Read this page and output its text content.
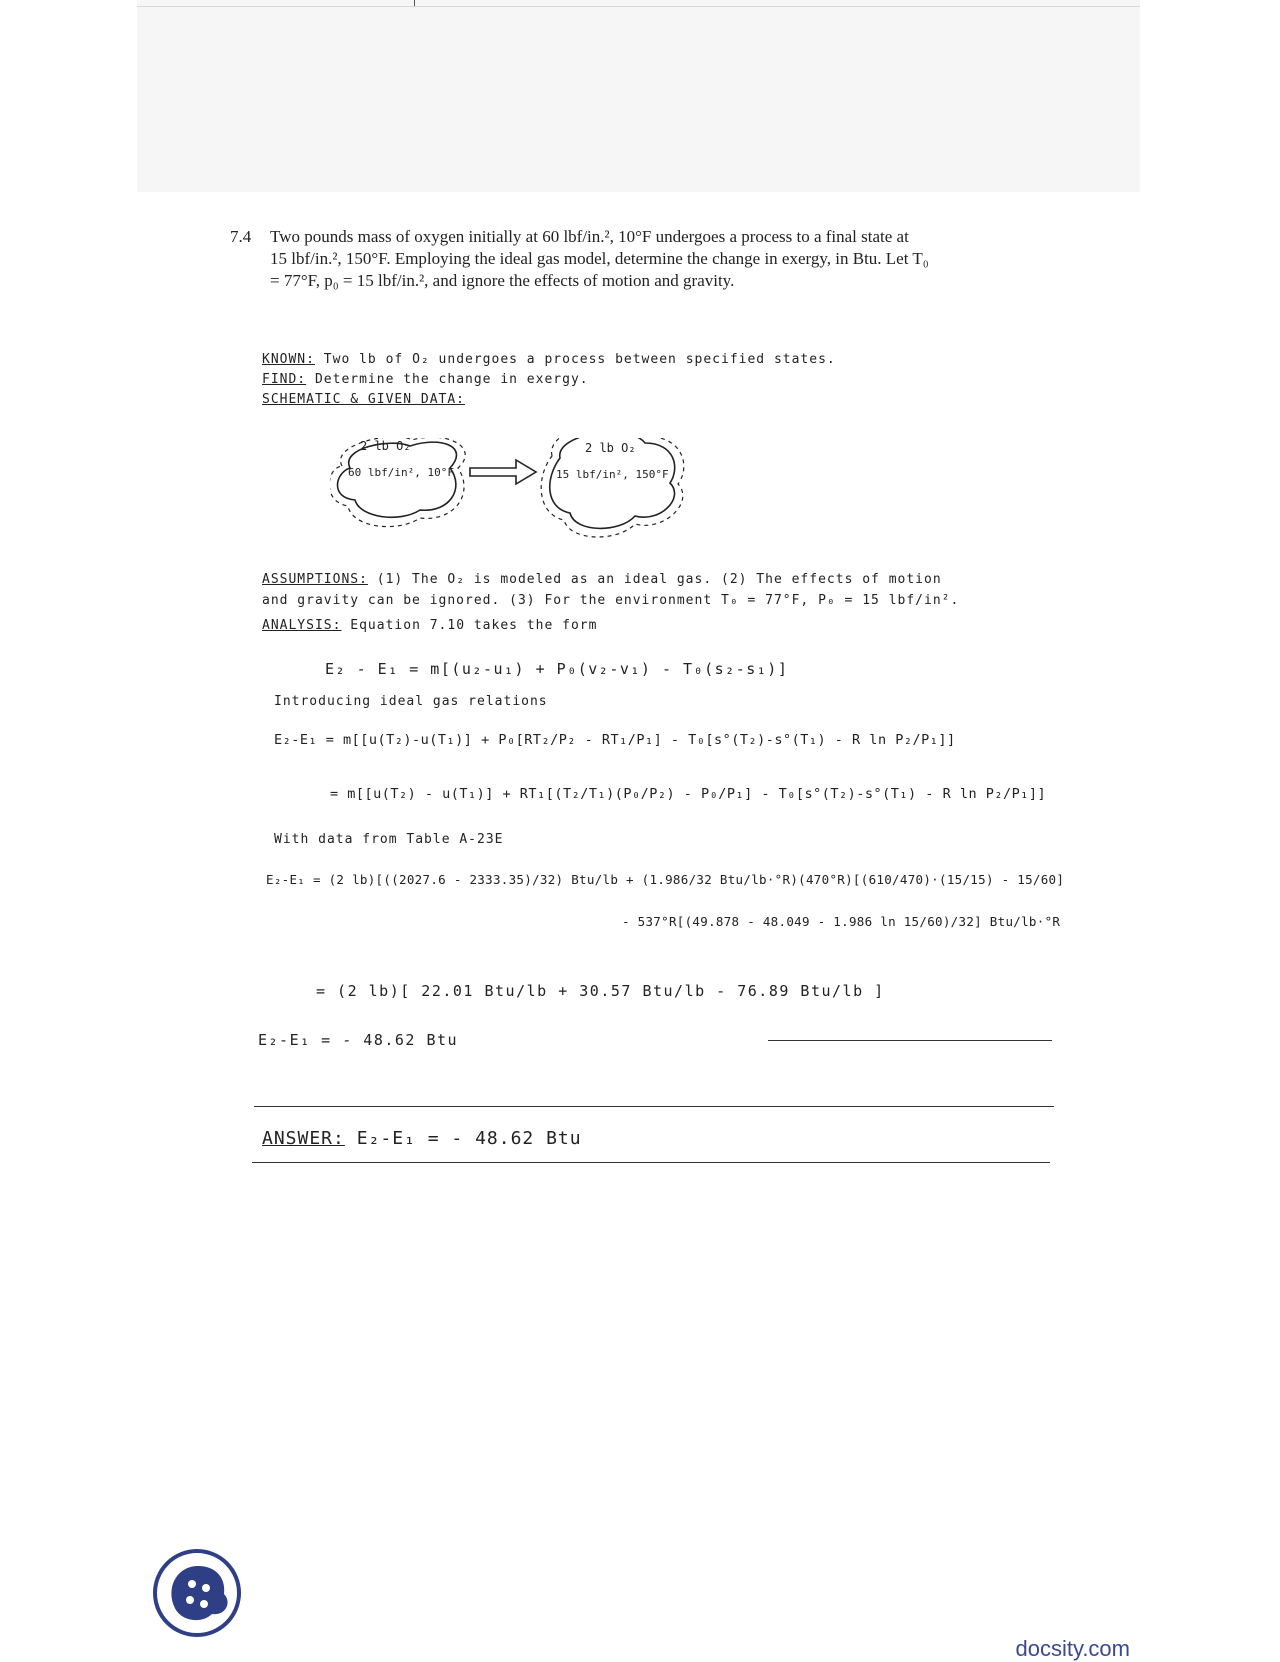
7.4 Two pounds mass of oxygen initially at 60 lbf/in.², 10°F undergoes a process to a final state at 15 lbf/in.², 150°F. Employing the ideal gas model, determine the change in exergy, in Btu. Let T₀ = 77°F, p₀ = 15 lbf/in.², and ignore the effects of motion and gravity.
KNOWN: Two lb of O₂ undergoes a process between specified states.
FIND: Determine the change in exergy.
SCHEMATIC & GIVEN DATA:
2 lb O₂
60 lbf/in², 10°F
2 lb O₂
15 lbf/in², 150°F
ASSUMPTIONS: (1) The O₂ is modeled as an ideal gas. (2) The effects of motion
and gravity can be ignored. (3) For the environment T₀ = 77°F, P₀ = 15 lbf/in².
ANALYSIS: Equation 7.10 takes the form
E₂ - E₁ = m[(u₂-u₁) + P₀(v₂-v₁) - T₀(s₂-s₁)]
Introducing ideal gas relations
E₂-E₁ = m[[u(T₂)-u(T₁)] + P₀[RT₂/P₂ - RT₁/P₁] - T₀[s°(T₂)-s°(T₁) - R ln P₂/P₁]]
= m[[u(T₂) - u(T₁)] + RT₁[(T₂/T₁)(P₀/P₂) - P₀/P₁] - T₀[s°(T₂)-s°(T₁) - R ln P₂/P₁]]
With data from Table A-23E
E₂-E₁ = (2 lb)[((2027.6 - 2333.35)/32) Btu/lb + (1.986/32 Btu/lb·°R)(470°R)[(610/470)·(15/15) - 15/60]
- 537°R[(49.878 - 48.049 - 1.986 ln 15/60)/32] Btu/lb·°R
= (2 lb)[ 22.01 Btu/lb + 30.57 Btu/lb - 76.89 Btu/lb ]
E₂-E₁ = - 48.62 Btu
ANSWER: E₂-E₁ = - 48.62 Btu
docsity.com
